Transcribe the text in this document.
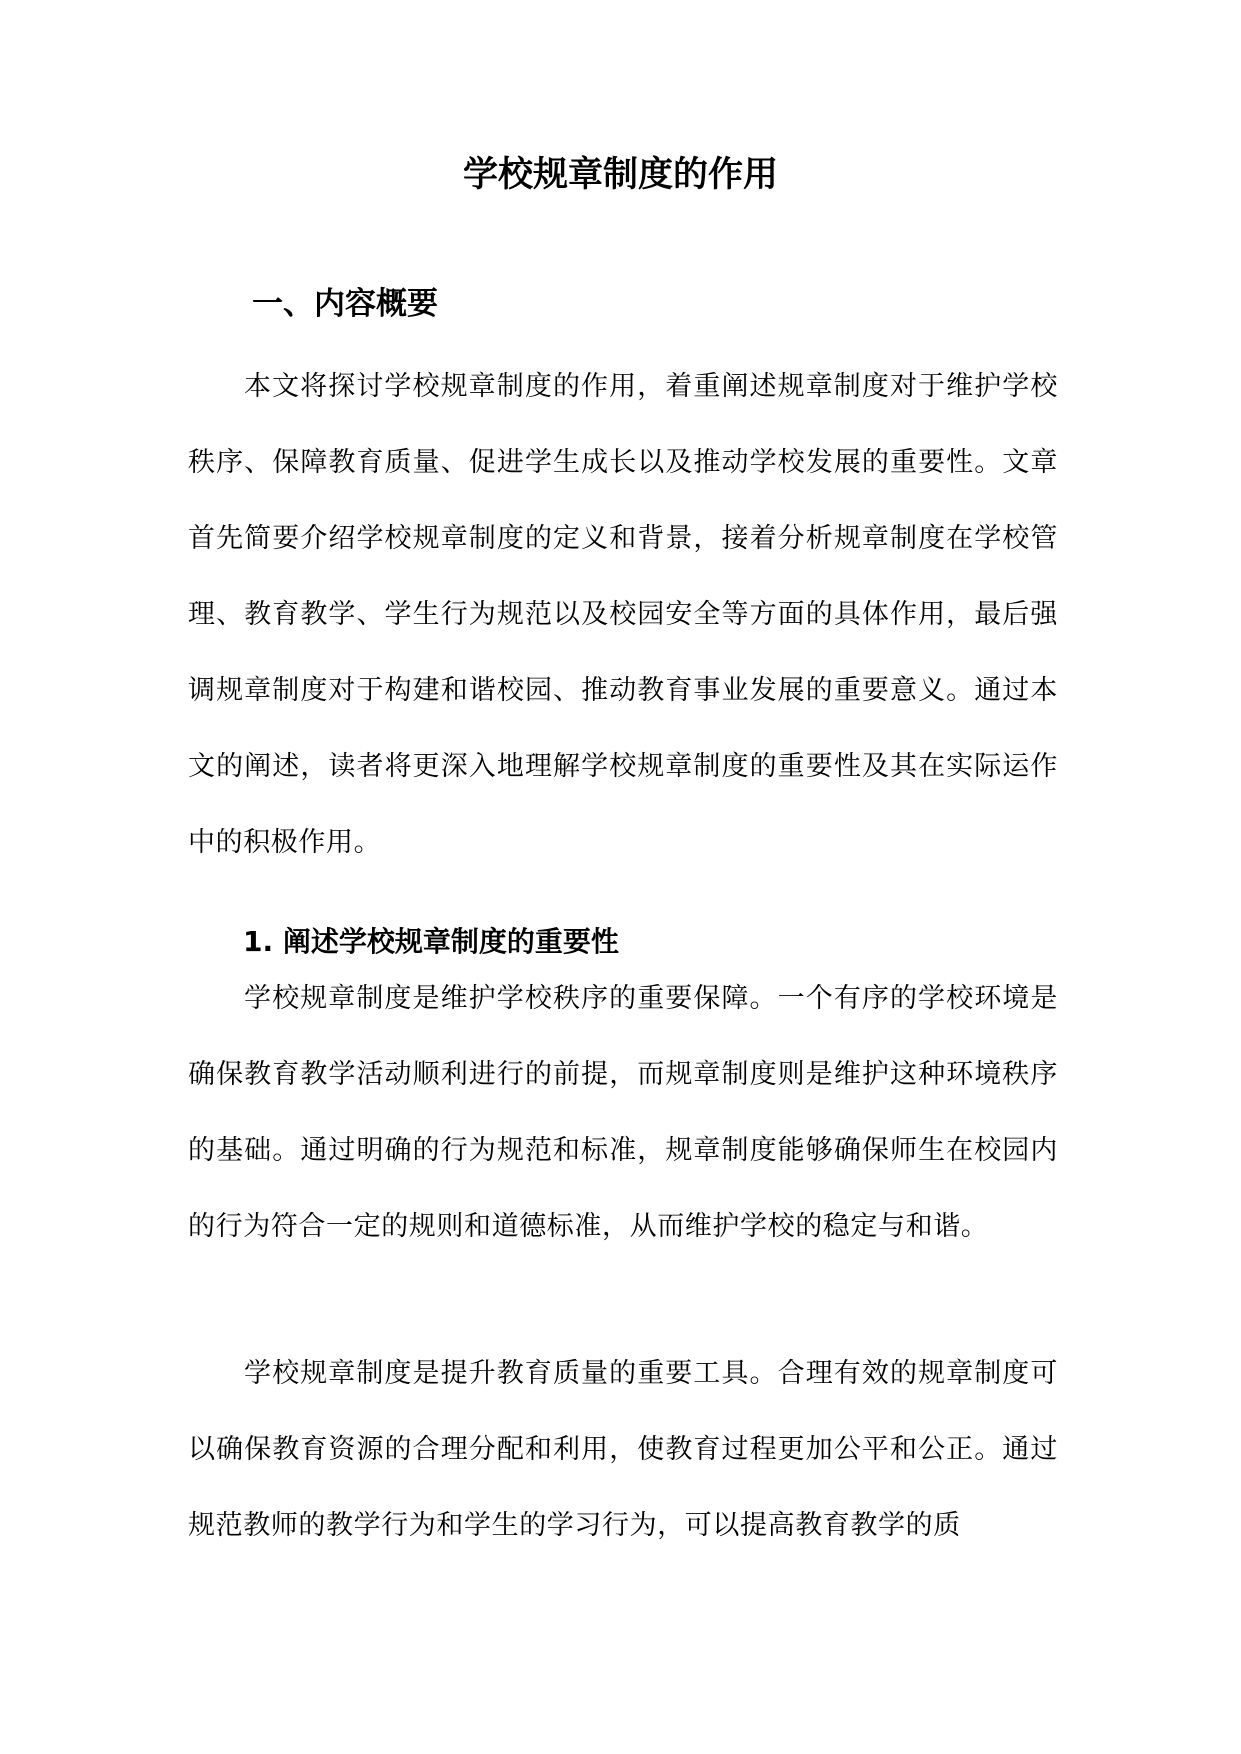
学校规章制度的作用
一、内容概要

本文将探讨学校规章制度的作用，着重阐述规章制度对于维护学校秩序、保障教育质量、促进学生成长以及推动学校发展的重要性。文章首先简要介绍学校规章制度的定义和背景，接着分析规章制度在学校管理、教育教学、学生行为规范以及校园安全等方面的具体作用，最后强调规章制度对于构建和谐校园、推动教育事业发展的重要意义。通过本文的阐述，读者将更深入地理解学校规章制度的重要性及其在实际运作中的积极作用。

1. 阐述学校规章制度的重要性

学校规章制度是维护学校秩序的重要保障。一个有序的学校环境是确保教育教学活动顺利进行的前提，而规章制度则是维护这种环境秩序的基础。通过明确的行为规范和标准，规章制度能够确保师生在校园内的行为符合一定的规则和道德标准，从而维护学校的稳定与和谐。

学校规章制度是提升教育质量的重要工具。合理有效的规章制度可以确保教育资源的合理分配和利用，使教育过程更加公平和公正。通过规范教师的教学行为和学生的学习行为，可以提高教育教学的质
